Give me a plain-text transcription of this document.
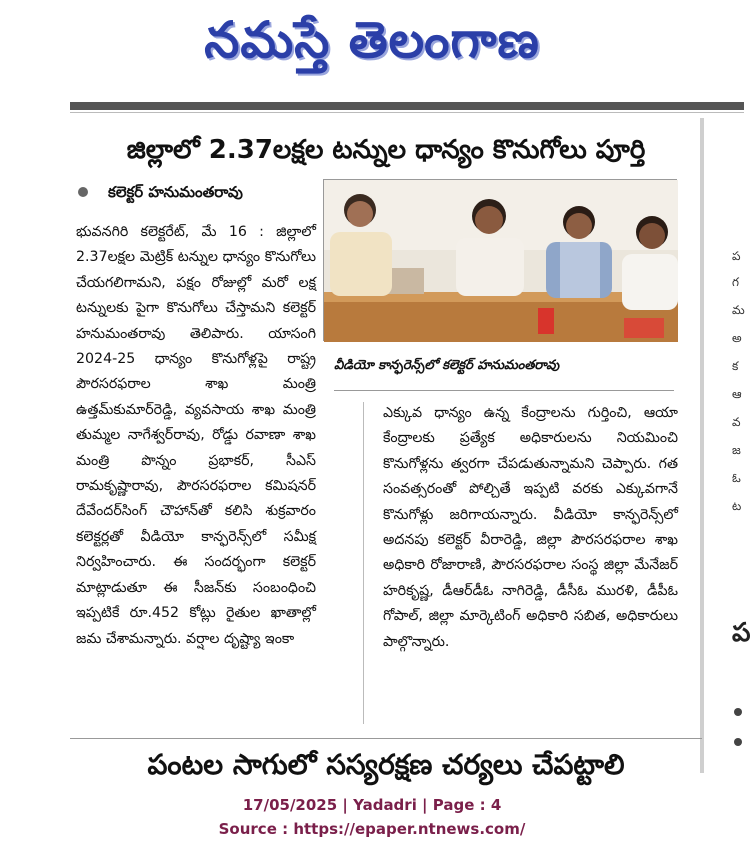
నమస్తే తెలంగాణ
ప
గ
మ
అ
క
ఆ
వ
జ
ఓ
ట
ప
జిల్లాలో 2.37లక్షల టన్నుల ధాన్యం కొనుగోలు పూర్తి
కలెక్టర్ హనుమంతరావు
భువనగిరి కలెక్టరేట్, మే 16 : జిల్లాలో 2.37లక్షల మెట్రిక్ టన్నుల ధాన్యం కొనుగోలు చేయగలిగామని, పక్షం రోజుల్లో మరో లక్ష టన్నులకు పైగా కొనుగోలు చేస్తామని కలెక్టర్ హనుమంతరావు తెలిపారు. యాసంగి 2024-25 ధాన్యం కొనుగోళ్లపై రాష్ట్ర పౌరసరఫరాల శాఖ మంత్రి ఉత్తమ్‌కుమార్‌రెడ్డి, వ్యవసాయ శాఖ మంత్రి తుమ్మల నాగేశ్వర్‌రావు, రోడ్డు రవాణా శాఖ మంత్రి పొన్నం ప్రభాకర్, సీఎస్ రామకృష్ణారావు, పౌరసరఫరాల కమిషనర్ దేవేందర్‌సింగ్ చౌహాన్‌తో కలిసి శుక్రవారం కలెక్టర్లతో వీడియో కాన్ఫరెన్స్‌లో సమీక్ష నిర్వహించారు. ఈ సందర్భంగా కలెక్టర్ మాట్లాడుతూ ఈ సీజన్‌కు సంబంధించి ఇప్పటికే రూ.452 కోట్లు రైతుల ఖాతాల్లో జమ చేశామన్నారు. వర్షాల దృష్ట్యా ఇంకా
వీడియో కాన్ఫరెన్స్‌లో కలెక్టర్ హనుమంతరావు
ఎక్కువ ధాన్యం ఉన్న కేంద్రాలను గుర్తించి, ఆయా కేంద్రాలకు ప్రత్యేక అధికారులను నియమించి కొనుగోళ్లను త్వరగా చేపడుతున్నామని చెప్పారు. గత సంవత్సరంతో పోల్చితే ఇప్పటి వరకు ఎక్కువగానే కొనుగోళ్లు జరిగాయన్నారు. వీడియో కాన్ఫరెన్స్‌లో అదనపు కలెక్టర్ వీరారెడ్డి, జిల్లా పౌరసరఫరాల శాఖ అధికారి రోజారాణి, పౌరసరఫరాల సంస్థ జిల్లా మేనేజర్ హరికృష్ణ, డీఆర్‌డీఓ నాగిరెడ్డి, డీసీఓ మురళి, డీపీఓ గోపాల్, జిల్లా మార్కెటింగ్ అధికారి సబిత, అధికారులు పాల్గొన్నారు.
పంటల సాగులో సస్యరక్షణ చర్యలు చేపట్టాలి
17/05/2025 | Yadadri | Page : 4
Source : https://epaper.ntnews.com/
